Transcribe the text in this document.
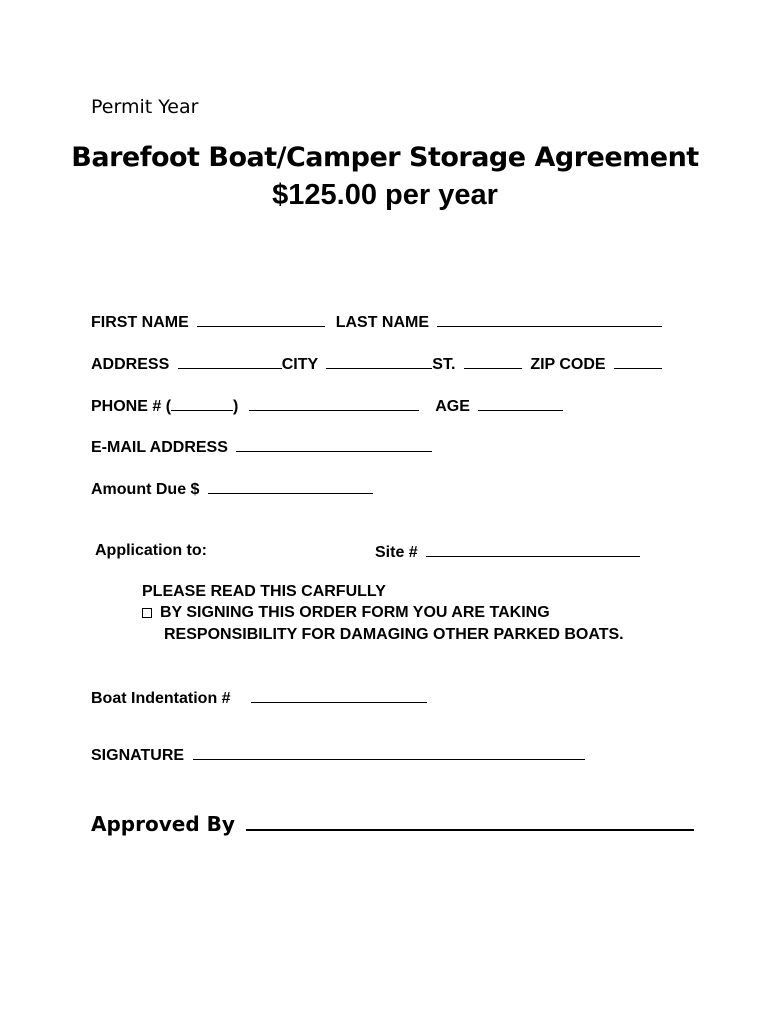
Permit Year
Barefoot Boat/Camper Storage Agreement
$125.00 per year
FIRST NAME	LAST NAME
ADDRESS	CITY	ST.	ZIP CODE
PHONE # (	)	AGE
E-MAIL ADDRESS
Amount Due $
Application to:	Site #
PLEASE READ THIS CARFULLY
BY SIGNING THIS ORDER FORM YOU ARE TAKING
RESPONSIBILITY FOR DAMAGING OTHER PARKED BOATS.
Boat Indentation #
SIGNATURE
Approved By
